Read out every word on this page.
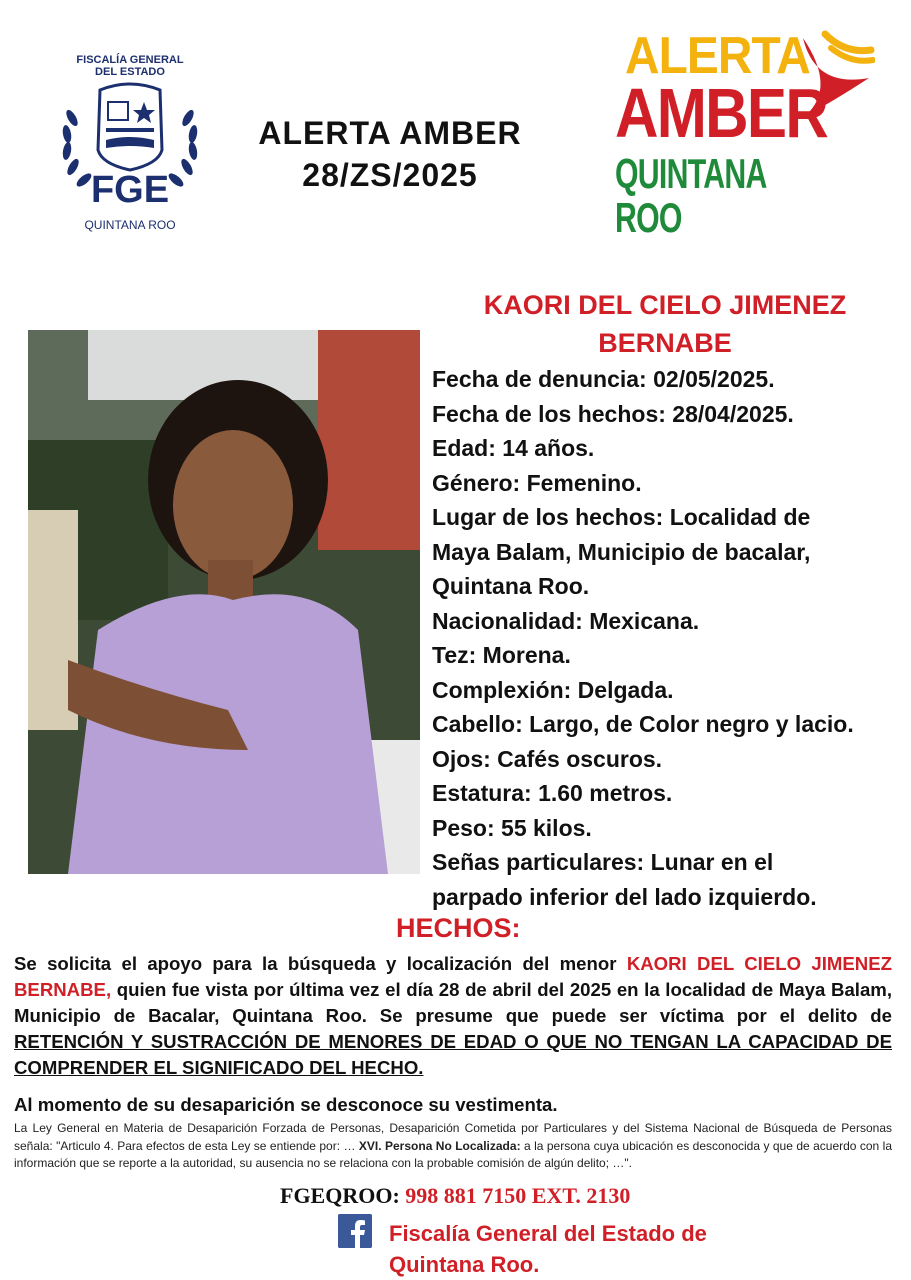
FISCALÍA GENERAL
DEL ESTADO
FGE
QUINTANA ROO
ALERTA AMBER
28/ZS/2025
ALERTA
AMBER
QUINTANA ROO
KAORI DEL CIELO JIMENEZ
BERNABE
Fecha de denuncia: 02/05/2025.
Fecha de los hechos: 28/04/2025.
Edad: 14 años.
Género: Femenino.
Lugar de los hechos: Localidad de
Maya Balam, Municipio de bacalar,
Quintana Roo.
Nacionalidad: Mexicana.
Tez: Morena.
Complexión: Delgada.
Cabello: Largo, de Color negro y lacio.
Ojos: Cafés oscuros.
Estatura: 1.60 metros.
Peso: 55 kilos.
Señas particulares: Lunar en el
parpado inferior del lado izquierdo.
HECHOS:
Se solicita el apoyo para la búsqueda y localización del menor KAORI DEL CIELO JIMENEZ BERNABE, quien fue vista por última vez el día 28 de abril del 2025 en la localidad de Maya Balam, Municipio de Bacalar, Quintana Roo. Se presume que puede ser víctima por el delito de RETENCIÓN Y SUSTRACCIÓN DE MENORES DE EDAD O QUE NO TENGAN LA CAPACIDAD DE COMPRENDER EL SIGNIFICADO DEL HECHO.
Al momento de su desaparición se desconoce su vestimenta.
La Ley General en Materia de Desaparición Forzada de Personas, Desaparición Cometida por Particulares y del Sistema Nacional de Búsqueda de Personas señala: "Articulo 4. Para efectos de esta Ley se entiende por: … XVI. Persona No Localizada: a la persona cuya ubicación es desconocida y que de acuerdo con la información que se reporte a la autoridad, su ausencia no se relaciona con la probable comisión de algún delito; …".
FGEQROO: 998 881 7150 EXT. 2130
Fiscalía General del Estado de
Quintana Roo.
